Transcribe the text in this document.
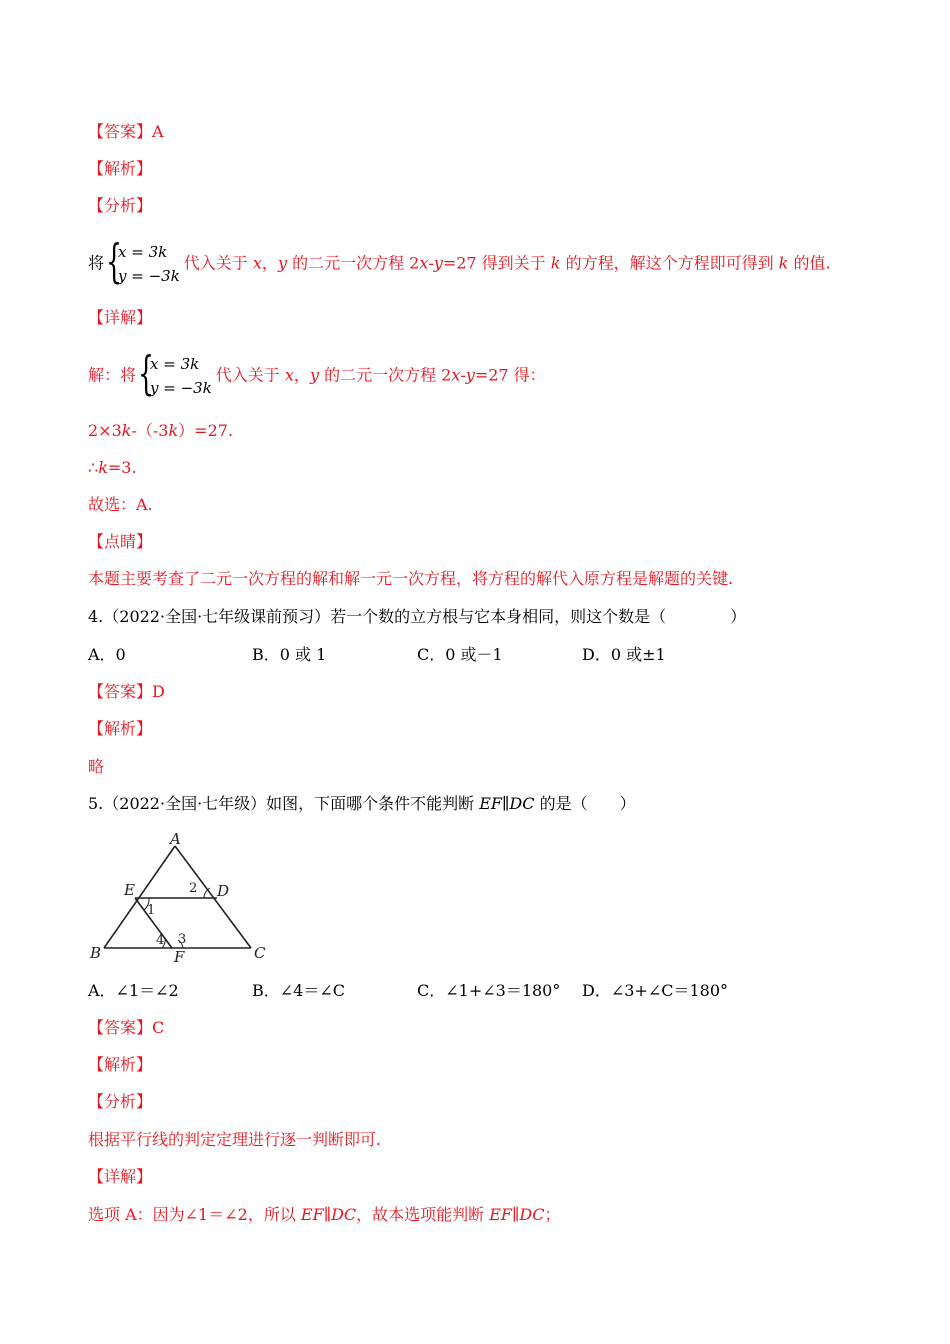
【答案】A
【解析】
【分析】
将 {
x = 3k
y = −3k
代入关于 x，y 的二元一次方程 2x-y=27 得到关于 k 的方程，解这个方程即可得到 k 的值.
【详解】
解：将 {
x = 3k
y = −3k
代入关于 x，y 的二元一次方程 2x-y=27 得：
2×3k-（-3k）=27.
∴k=3.
故选：A.
【点睛】
本题主要考查了二元一次方程的解和解一元一次方程，将方程的解代入原方程是解题的关键.
4.（2022·全国·七年级课前预习）若一个数的立方根与它本身相同，则这个数是（　　　　）
A．0	B．0 或 1	C．0 或－1	D．0 或±1
【答案】D
【解析】
略
5.（2022·全国·七年级）如图，下面哪个条件不能判断 EF∥DC 的是（　　）
A
E	D
B	F	C
1
2
3
4
A．∠1＝∠2	B．∠4＝∠C	C．∠1+∠3＝180° D．∠3+∠C＝180°
【答案】C
【解析】
【分析】
根据平行线的判定定理进行逐一判断即可.
【详解】
选项 A：因为∠1＝∠2，所以 EF∥DC，故本选项能判断 EF∥DC；
